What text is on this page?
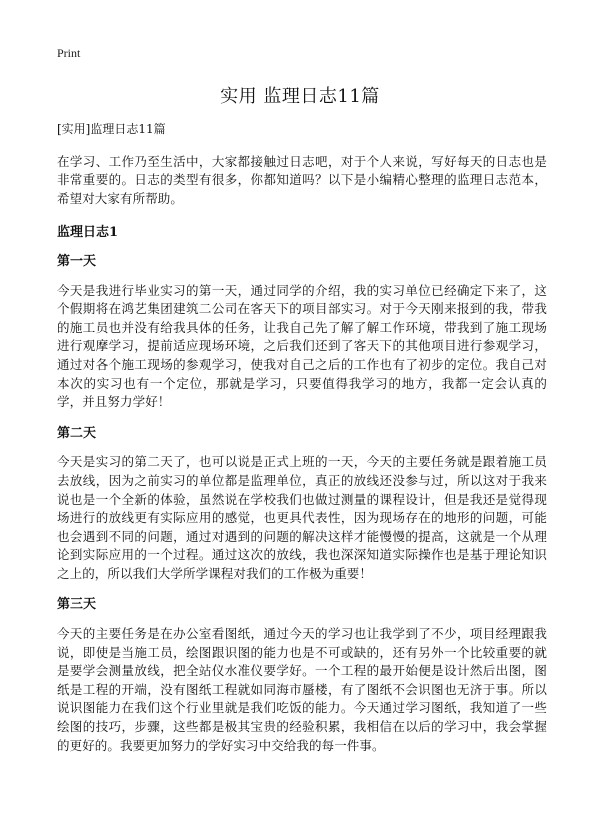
Print
实用 监理日志11篇

[实用]监理日志11篇

在学习、工作乃至生活中，大家都接触过日志吧，对于个人来说，写好每天的日志也是非常重要的。日志的类型有很多，你都知道吗？以下是小编精心整理的监理日志范本，希望对大家有所帮助。

监理日志1
第一天

今天是我进行毕业实习的第一天，通过同学的介绍，我的实习单位已经确定下来了，这个假期将在鸿艺集团建筑二公司在客天下的项目部实习。对于今天刚来报到的我，带我的施工员也并没有给我具体的任务，让我自己先了解了解工作环境，带我到了施工现场进行观摩学习，提前适应现场环境，之后我们还到了客天下的其他项目进行参观学习，通过对各个施工现场的参观学习，使我对自己之后的工作也有了初步的定位。我自己对本次的实习也有一个定位，那就是学习，只要值得我学习的地方，我都一定会认真的学，并且努力学好！

第二天

今天是实习的第二天了，也可以说是正式上班的一天，今天的主要任务就是跟着施工员去放线，因为之前实习的单位都是监理单位，真正的放线还没参与过，所以这对于我来说也是一个全新的体验，虽然说在学校我们也做过测量的课程设计，但是我还是觉得现场进行的放线更有实际应用的感觉，也更具代表性，因为现场存在的地形的问题，可能也会遇到不同的问题，通过对遇到的问题的解决这样才能慢慢的提高，这就是一个从理论到实际应用的一个过程。通过这次的放线，我也深深知道实际操作也是基于理论知识之上的，所以我们大学所学课程对我们的工作极为重要！

第三天

今天的主要任务是在办公室看图纸，通过今天的学习也让我学到了不少，项目经理跟我说，即使是当施工员，绘图跟识图的能力也是不可或缺的，还有另外一个比较重要的就是要学会测量放线，把全站仪水准仪要学好。一个工程的最开始便是设计然后出图，图纸是工程的开端，没有图纸工程就如同海市蜃楼，有了图纸不会识图也无济于事。所以说识图能力在我们这个行业里就是我们吃饭的能力。今天通过学习图纸，我知道了一些绘图的技巧，步骤，这些都是极其宝贵的经验积累，我相信在以后的学习中，我会掌握的更好的。我要更加努力的学好实习中交给我的每一件事。
